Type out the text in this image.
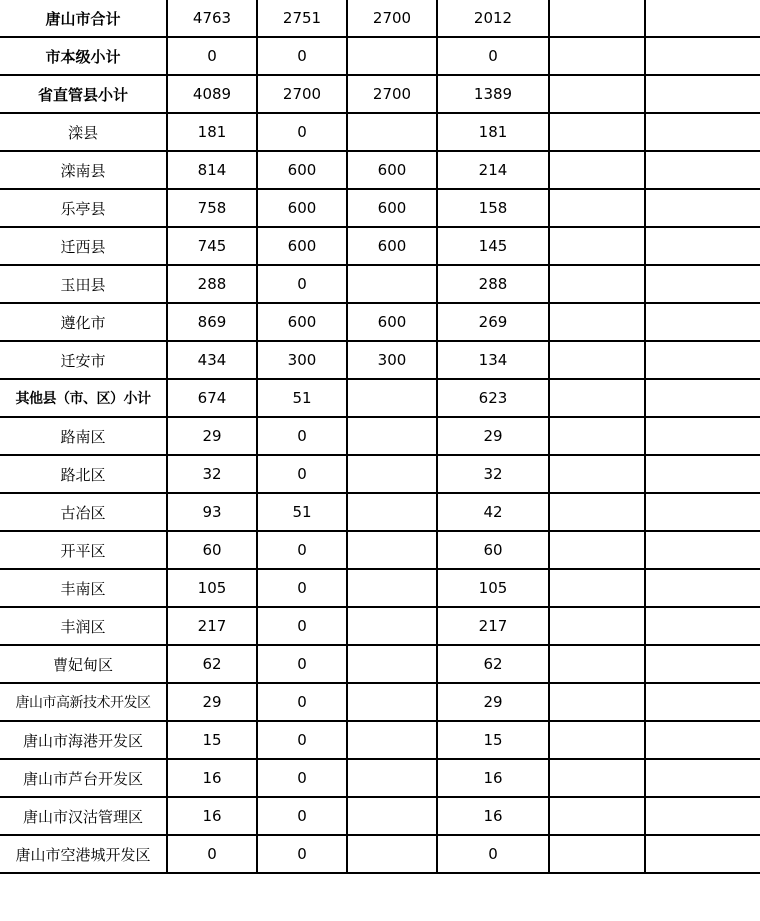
唐山市合计	4763	2751	2700	2012		
市本级小计	0	0		0		
省直管县小计	4089	2700	2700	1389		
滦县	181	0		181		
滦南县	814	600	600	214		
乐亭县	758	600	600	158		
迁西县	745	600	600	145		
玉田县	288	0		288		
遵化市	869	600	600	269		
迁安市	434	300	300	134		
其他县（市、区）小计	674	51		623		
路南区	29	0		29		
路北区	32	0		32		
古冶区	93	51		42		
开平区	60	0		60		
丰南区	105	0		105		
丰润区	217	0		217		
曹妃甸区	62	0		62		
唐山市高新技术开发区	29	0		29		
唐山市海港开发区	15	0		15		
唐山市芦台开发区	16	0		16		
唐山市汉沽管理区	16	0		16		
唐山市空港城开发区	0	0		0		
